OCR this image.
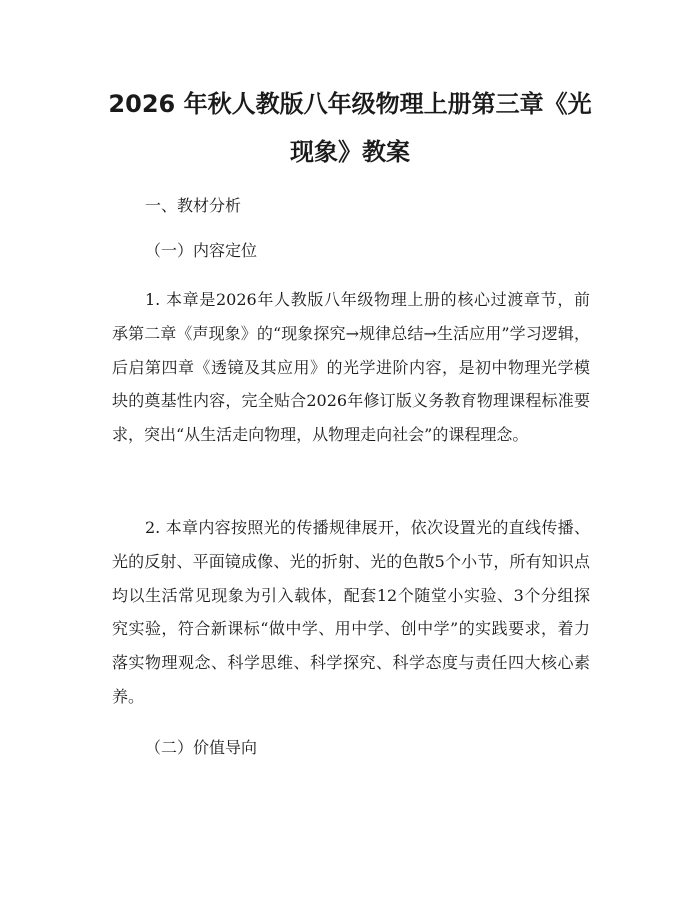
2026 年秋人教版八年级物理上册第三章《光
现象》教案

一、教材分析

（一）内容定位

1. 本章是2026年人教版八年级物理上册的核心过渡章节，前承第二章《声现象》的“现象探究→规律总结→生活应用”学习逻辑，后启第四章《透镜及其应用》的光学进阶内容，是初中物理光学模块的奠基性内容，完全贴合2026年修订版义务教育物理课程标准要求，突出“从生活走向物理，从物理走向社会”的课程理念。

2. 本章内容按照光的传播规律展开，依次设置光的直线传播、光的反射、平面镜成像、光的折射、光的色散5个小节，所有知识点均以生活常见现象为引入载体，配套12个随堂小实验、3个分组探究实验，符合新课标“做中学、用中学、创中学”的实践要求，着力落实物理观念、科学思维、科学探究、科学态度与责任四大核心素养。

（二）价值导向
